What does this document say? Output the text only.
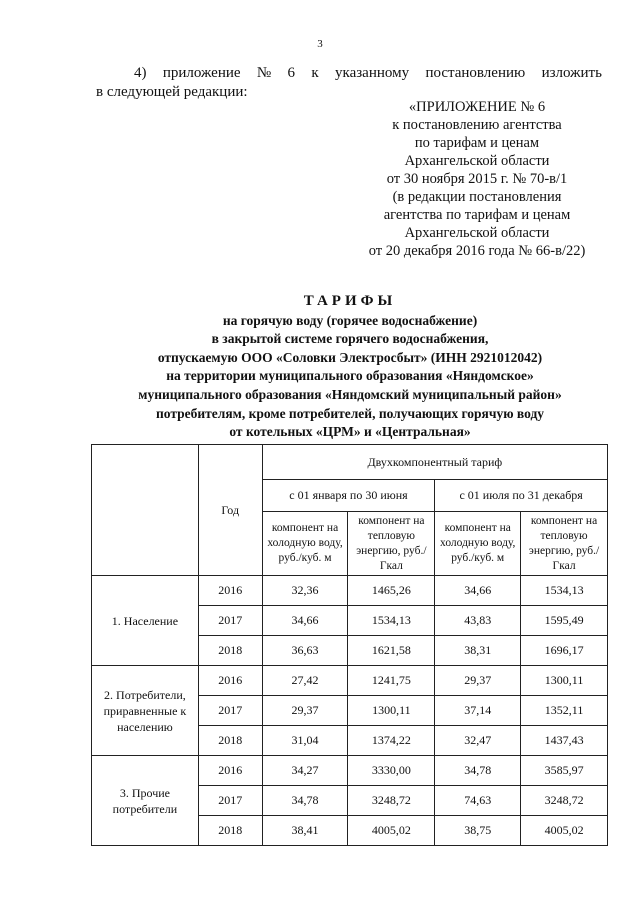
3
4) приложение № 6 к указанному постановлению изложить
в следующей редакции:
«ПРИЛОЖЕНИЕ № 6
к постановлению агентства
по тарифам и ценам
Архангельской области
от 30 ноября 2015 г. № 70-в/1
(в редакции постановления
агентства по тарифам и ценам
Архангельской области
от 20 декабря 2016 года № 66-в/22)
ТАРИФЫ
на горячую воду (горячее водоснабжение)
в закрытой системе горячего водоснабжения,
отпускаемую ООО «Соловки Электросбыт» (ИНН 2921012042)
на территории муниципального образования «Няндомское»
муниципального образования «Няндомский муниципальный район»
потребителям, кроме потребителей, получающих горячую воду
от котельных «ЦРМ» и «Центральная»
	Год	Двухкомпонентный тариф			
		с 01 января по 30 июня		с 01 июля по 31 декабря	
		компонент на холодную воду, руб./куб. м	компонент на тепловую энергию, руб./Гкал	компонент на холодную воду, руб./куб. м	компонент на тепловую энергию, руб./Гкал
1. Население	2016	32,36	1465,26	34,66	1534,13
	2017	34,66	1534,13	43,83	1595,49
	2018	36,63	1621,58	38,31	1696,17
2. Потребители, приравненные к населению	2016	27,42	1241,75	29,37	1300,11
	2017	29,37	1300,11	37,14	1352,11
	2018	31,04	1374,22	32,47	1437,43
3. Прочие потребители	2016	34,27	3330,00	34,78	3585,97
	2017	34,78	3248,72	74,63	3248,72
	2018	38,41	4005,02	38,75	4005,02
